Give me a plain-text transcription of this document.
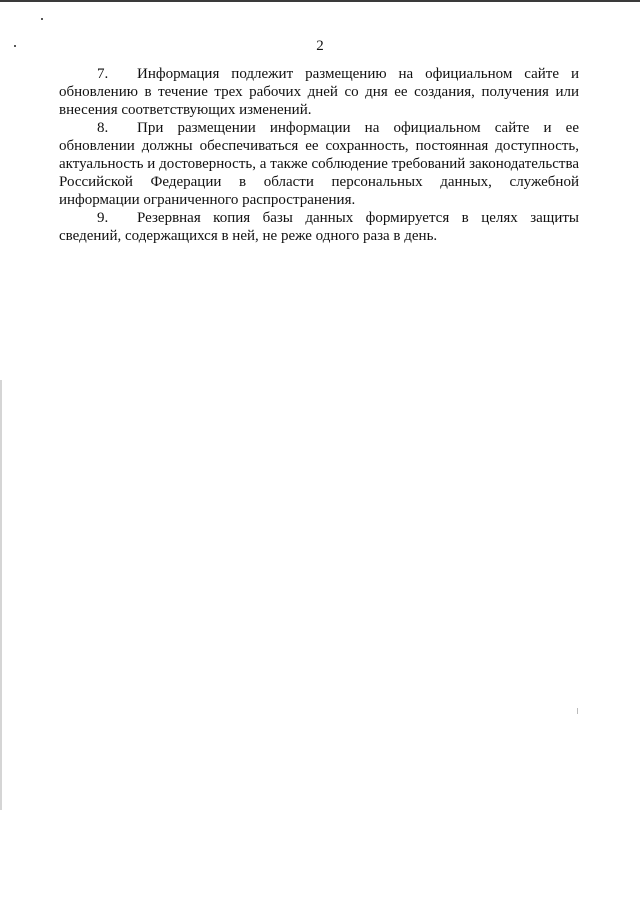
2

7. Информация подлежит размещению на официальном сайте и обновлению в течение трех рабочих дней со дня ее создания, получения или внесения соответствующих изменений.

8. При размещении информации на официальном сайте и ее обновлении должны обеспечиваться ее сохранность, постоянная доступность, актуальность и достоверность, а также соблюдение требований законодательства Российской Федерации в области персональных данных, служебной информации ограниченного распространения.

9. Резервная копия базы данных формируется в целях защиты сведений, содержащихся в ней, не реже одного раза в день.
